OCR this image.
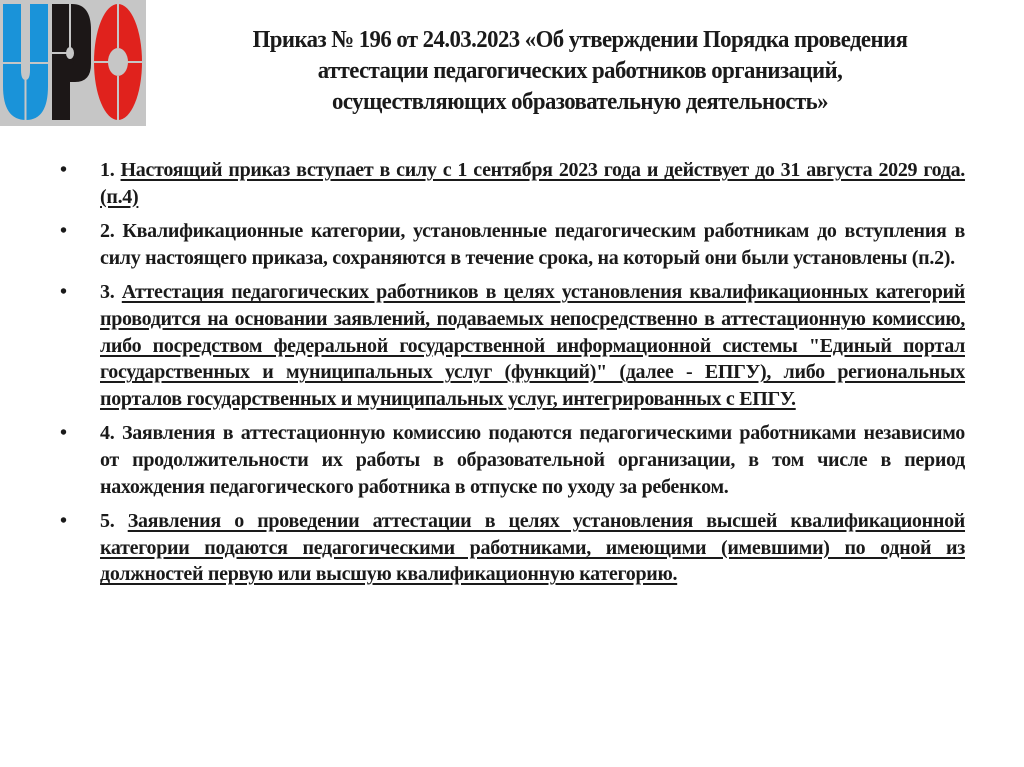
Приказ № 196 от 24.03.2023 «Об утверждении Порядка проведения
аттестации педагогических работников организаций,
осуществляющих образовательную деятельность»
• 1. Настоящий приказ вступает в силу с 1 сентября 2023 года и действует до 31 августа 2029 года.(п.4)
• 2. Квалификационные категории, установленные педагогическим работникам до вступления в силу настоящего приказа, сохраняются в течение срока, на который они были установлены (п.2).
• 3. Аттестация педагогических работников в целях установления квалификационных категорий проводится на основании заявлений, подаваемых непосредственно в аттестационную комиссию, либо посредством федеральной государственной информационной системы "Единый портал государственных и муниципальных услуг (функций)" (далее - ЕПГУ), либо региональных порталов государственных и муниципальных услуг, интегрированных с ЕПГУ.
• 4. Заявления в аттестационную комиссию подаются педагогическими работниками независимо от продолжительности их работы в образовательной организации, в том числе в период нахождения педагогического работника в отпуске по уходу за ребенком.
• 5. Заявления о проведении аттестации в целях установления высшей квалификационной категории подаются педагогическими работниками, имеющими (имевшими) по одной из должностей первую или высшую квалификационную категорию.
